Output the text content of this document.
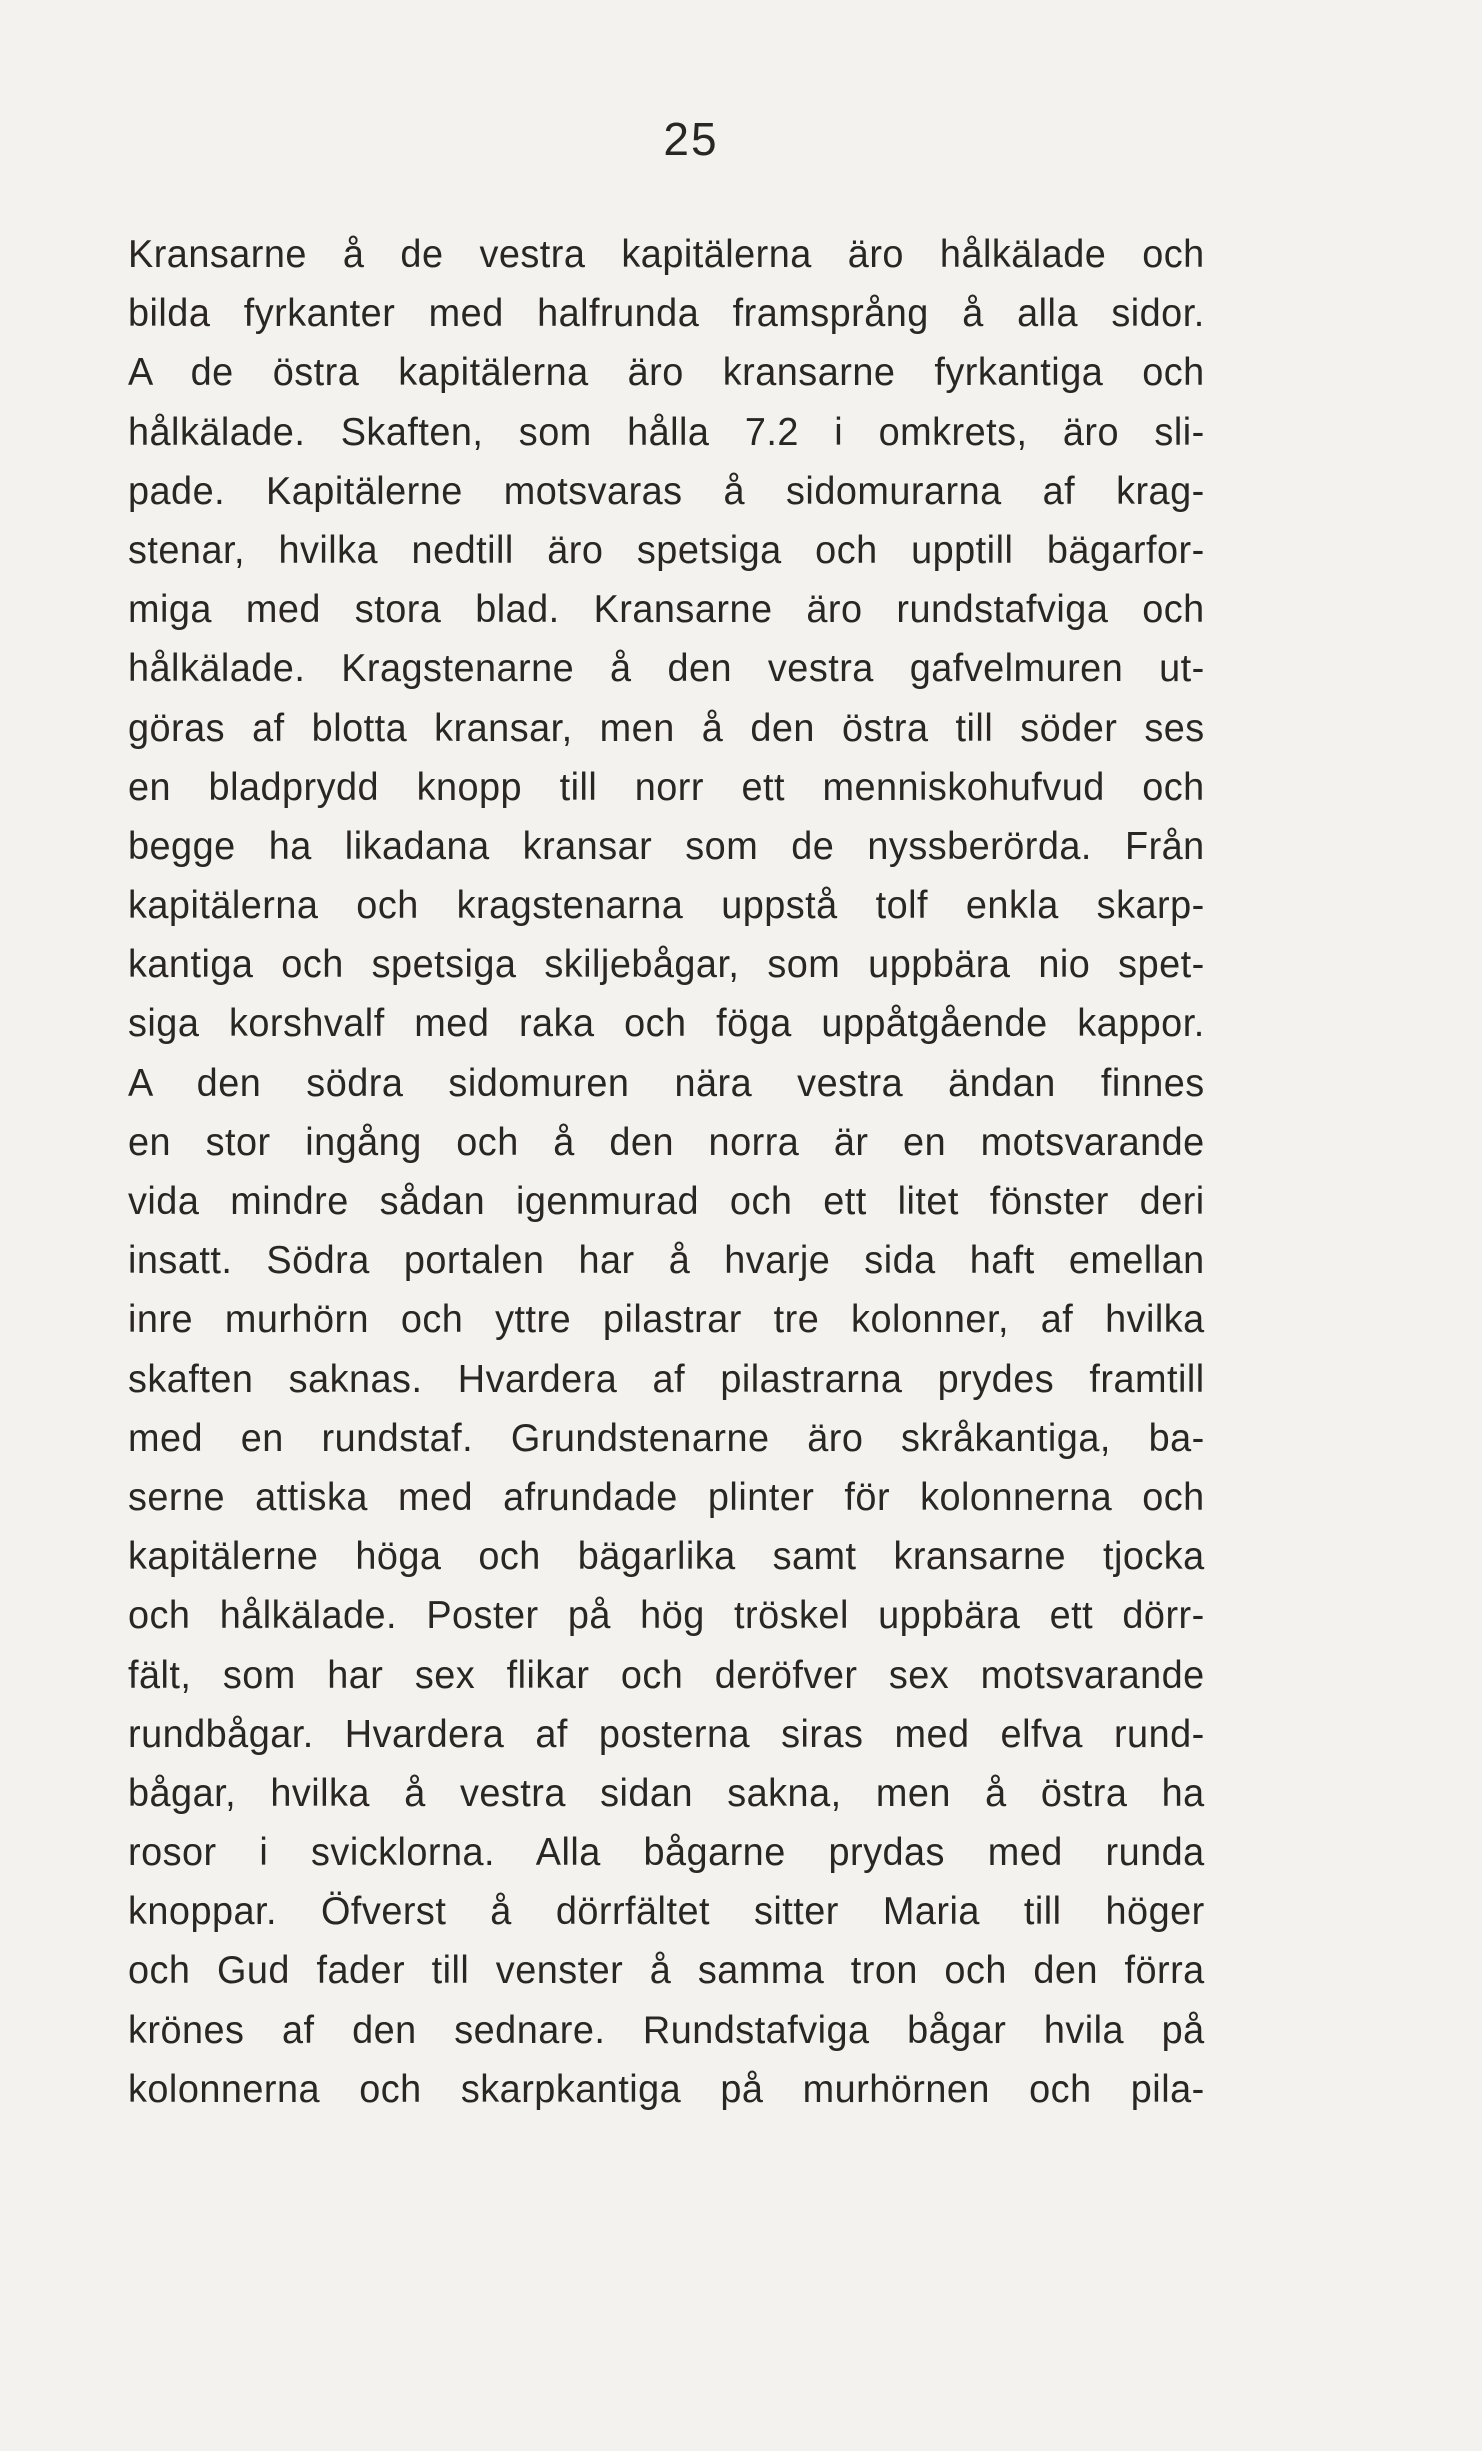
25
Kransarne å de vestra kapitälerna äro hålkälade och
bilda fyrkanter med halfrunda framsprång å alla sidor.
A de östra kapitälerna äro kransarne fyrkantiga och
hålkälade. Skaften, som hålla 7.2 i omkrets, äro sli-
pade. Kapitälerne motsvaras å sidomurarna af krag-
stenar, hvilka nedtill äro spetsiga och upptill bägarfor-
miga med stora blad. Kransarne äro rundstafviga och
hålkälade. Kragstenarne å den vestra gafvelmuren ut-
göras af blotta kransar, men å den östra till söder ses
en bladprydd knopp till norr ett menniskohufvud och
begge ha likadana kransar som de nyssberörda. Från
kapitälerna och kragstenarna uppstå tolf enkla skarp-
kantiga och spetsiga skiljebågar, som uppbära nio spet-
siga korshvalf med raka och föga uppåtgående kappor.
A den södra sidomuren nära vestra ändan finnes
en stor ingång och å den norra är en motsvarande
vida mindre sådan igenmurad och ett litet fönster deri
insatt. Södra portalen har å hvarje sida haft emellan
inre murhörn och yttre pilastrar tre kolonner, af hvilka
skaften saknas. Hvardera af pilastrarna prydes framtill
med en rundstaf. Grundstenarne äro skråkantiga, ba-
serne attiska med afrundade plinter för kolonnerna och
kapitälerne höga och bägarlika samt kransarne tjocka
och hålkälade. Poster på hög tröskel uppbära ett dörr-
fält, som har sex flikar och deröfver sex motsvarande
rundbågar. Hvardera af posterna siras med elfva rund-
bågar, hvilka å vestra sidan sakna, men å östra ha
rosor i svicklorna. Alla bågarne prydas med runda
knoppar. Öfverst å dörrfältet sitter Maria till höger
och Gud fader till venster å samma tron och den förra
krönes af den sednare. Rundstafviga bågar hvila på
kolonnerna och skarpkantiga på murhörnen och pila-
